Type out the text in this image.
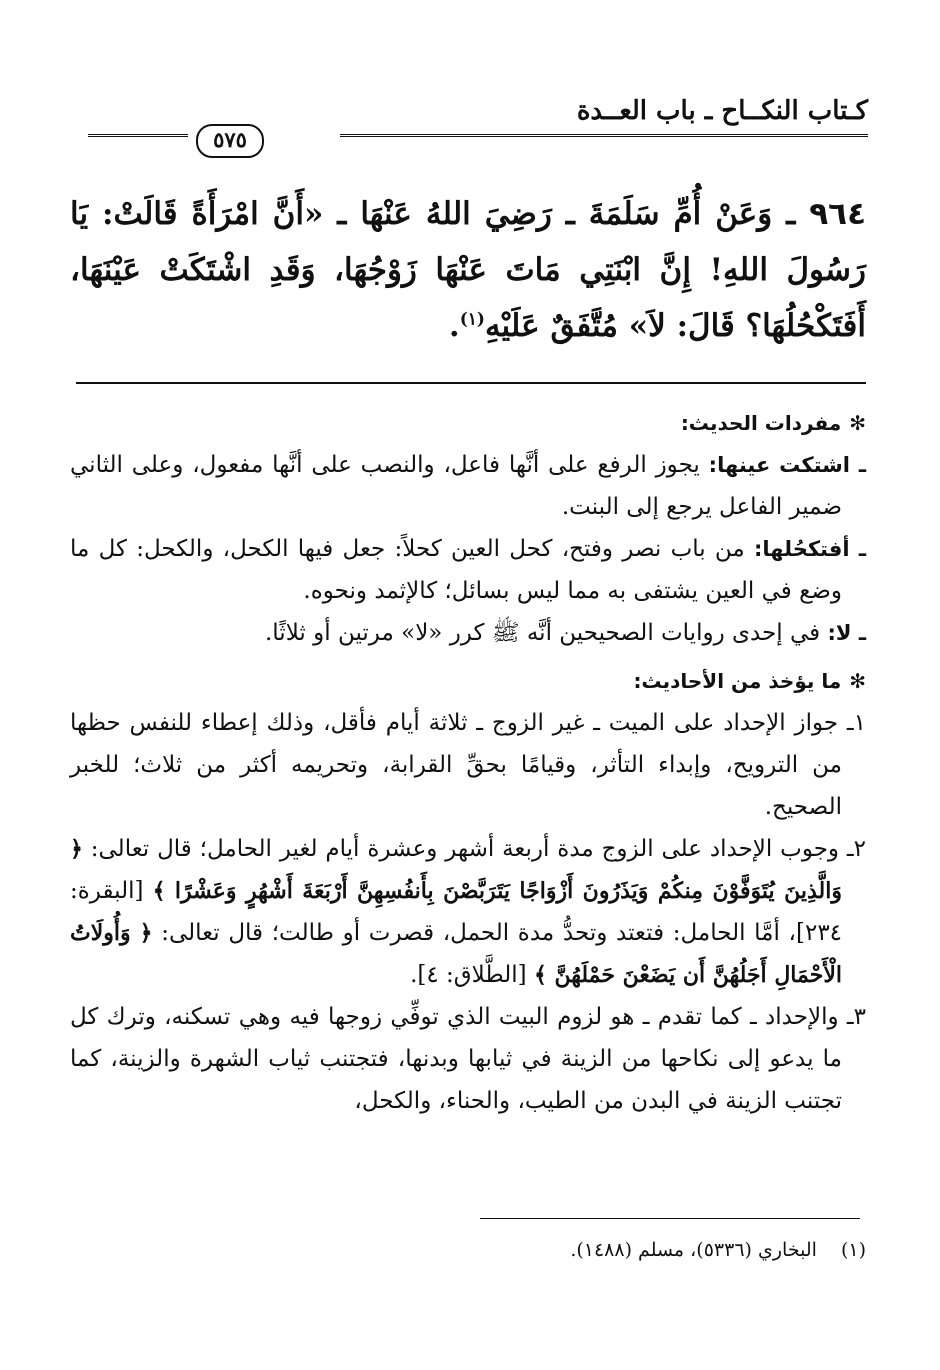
كـتاب النكــاح ـ باب العــدة
٥٧٥
٩٦٤ ـ وَعَنْ أُمِّ سَلَمَةَ ـ رَضِيَ اللهُ عَنْهَا ـ «أَنَّ امْرَأَةً قَالَتْ: يَا رَسُولَ اللهِ! إِنَّ ابْنَتِي مَاتَ عَنْهَا زَوْجُهَا، وَقَدِ اشْتَكَتْ عَيْنَهَا، أَفَتَكْحُلُهَا؟ قَالَ: لاَ» مُتَّفَقٌ عَلَيْهِ$^{(١)}$.
✻مفردات الحديث:
ـ اشتكت عينها: يجوز الرفع على أنَّها فاعل، والنصب على أنَّها مفعول، وعلى الثاني ضمير الفاعل يرجع إلى البنت.
ـ أفتكحُلها: من باب نصر وفتح، كحل العين كحلاً: جعل فيها الكحل، والكحل: كل ما وضع في العين يشتفى به مما ليس بسائل؛ كالإثمد ونحوه.
ـ لا: في إحدى روايات الصحيحين أنَّه ﷺ كرر «لا» مرتين أو ثلاثًا.
✻ما يؤخذ من الأحاديث:
١ـ جواز الإحداد على الميت ـ غير الزوج ـ ثلاثة أيام فأقل، وذلك إعطاء للنفس حظها من الترويح، وإبداء التأثر، وقيامًا بحقِّ القرابة، وتحريمه أكثر من ثلاث؛ للخبر الصحيح.
٢ـ وجوب الإحداد على الزوج مدة أربعة أشهر وعشرة أيام لغير الحامل؛ قال تعالى: ﴿ وَالَّذِينَ يُتَوَفَّوْنَ مِنكُمْ وَيَذَرُونَ أَزْوَاجًا يَتَرَبَّصْنَ بِأَنفُسِهِنَّ أَرْبَعَةَ أَشْهُرٍ وَعَشْرًا ﴾ [البقرة: ٢٣٤]، أمَّا الحامل: فتعتد وتحدُّ مدة الحمل، قصرت أو طالت؛ قال تعالى: ﴿ وَأُولَاتُ الْأَحْمَالِ أَجَلُهُنَّ أَن يَضَعْنَ حَمْلَهُنَّ ﴾ [الطَّلاق: ٤].
٣ـ والإحداد ـ كما تقدم ـ هو لزوم البيت الذي توفِّي زوجها فيه وهي تسكنه، وترك كل ما يدعو إلى نكاحها من الزينة في ثيابها وبدنها، فتجتنب ثياب الشهرة والزينة، كما تجتنب الزينة في البدن من الطيب، والحناء، والكحل،
(١) البخاري (٥٣٣٦)، مسلم (١٤٨٨).
